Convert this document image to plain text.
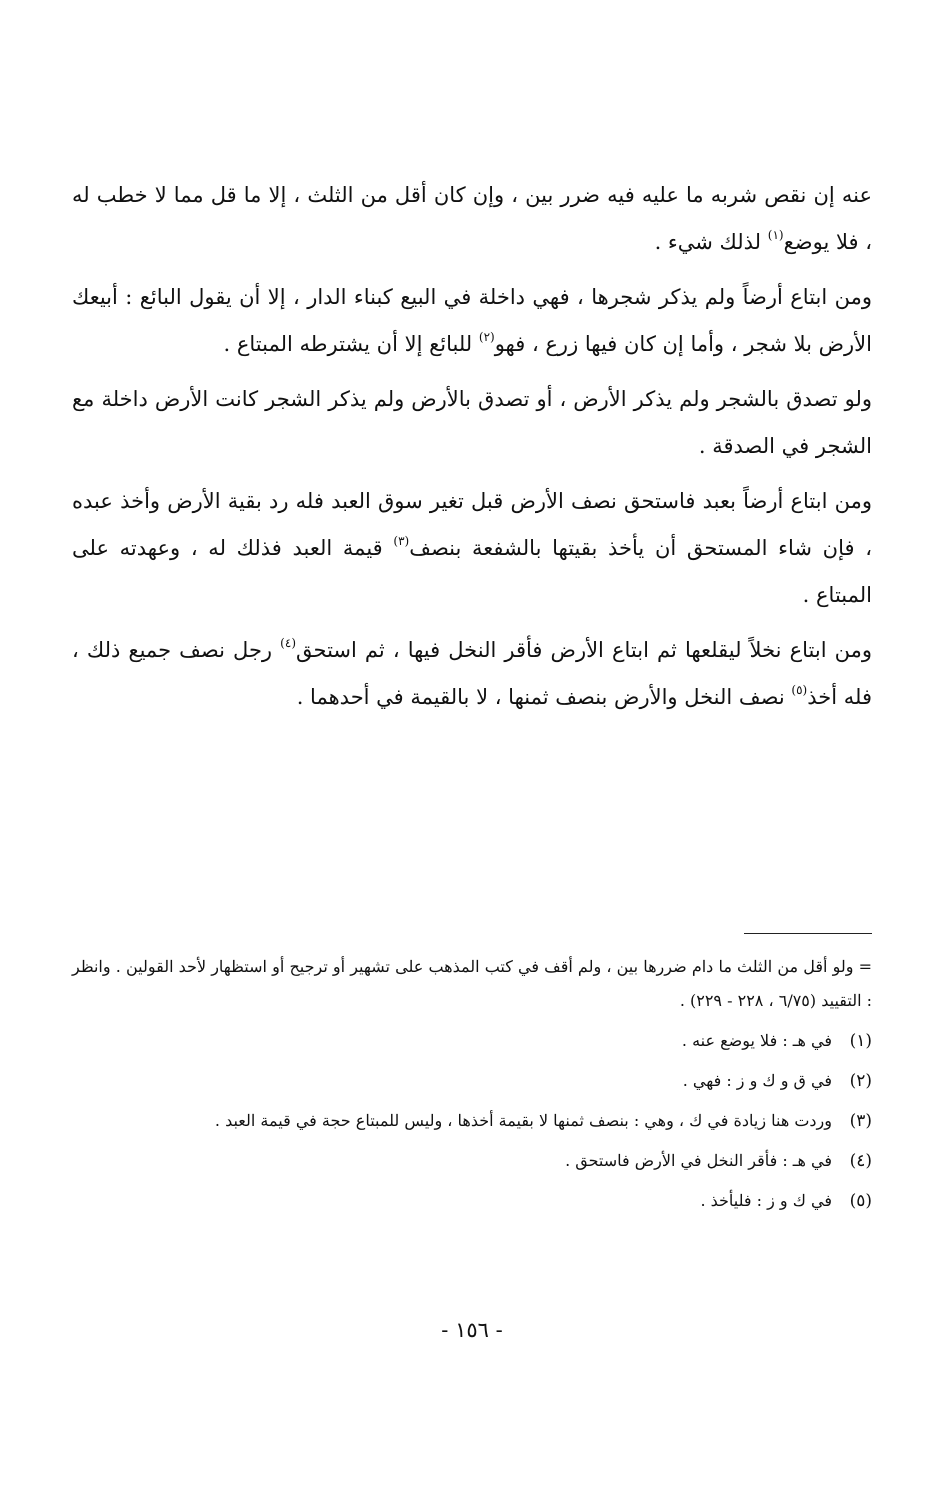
عنه إن نقص شربه ما عليه فيه ضرر بين ، وإن كان أقل من الثلث ، إلا ما قل مما لا خطب له ، فلا يوضع$^{(١)}$ لذلك شيء .

ومن ابتاع أرضاً ولم يذكر شجرها ، فهي داخلة في البيع كبناء الدار ، إلا أن يقول البائع : أبيعك الأرض بلا شجر ، وأما إن كان فيها زرع ، فهو$^{(٢)}$ للبائع إلا أن يشترطه المبتاع .

ولو تصدق بالشجر ولم يذكر الأرض ، أو تصدق بالأرض ولم يذكر الشجر كانت الأرض داخلة مع الشجر في الصدقة .

ومن ابتاع أرضاً بعبد فاستحق نصف الأرض قبل تغير سوق العبد فله رد بقية الأرض وأخذ عبده ، فإن شاء المستحق أن يأخذ بقيتها بالشفعة بنصف$^{(٣)}$ قيمة العبد فذلك له ، وعهدته على المبتاع .

ومن ابتاع نخلاً ليقلعها ثم ابتاع الأرض فأقر النخل فيها ، ثم استحق$^{(٤)}$ رجل نصف جميع ذلك ، فله أخذ$^{(٥)}$ نصف النخل والأرض بنصف ثمنها ، لا بالقيمة في أحدهما .

= ولو أقل من الثلث ما دام ضررها بين ، ولم أقف في كتب المذهب على تشهير أو ترجيح أو استظهار لأحد القولين . وانظر : التقييد (٦/٧٥ ، ٢٢٨ - ٢٢٩) .

(١)في هـ : فلا يوضع عنه .

(٢)في ق و ك و ز : فهي .

(٣)وردت هنا زيادة في ك ، وهي : بنصف ثمنها لا بقيمة أخذها ، وليس للمبتاع حجة في قيمة العبد .

(٤)في هـ : فأقر النخل في الأرض فاستحق .

(٥)في ك و ز : فليأخذ .

- ١٥٦ -
